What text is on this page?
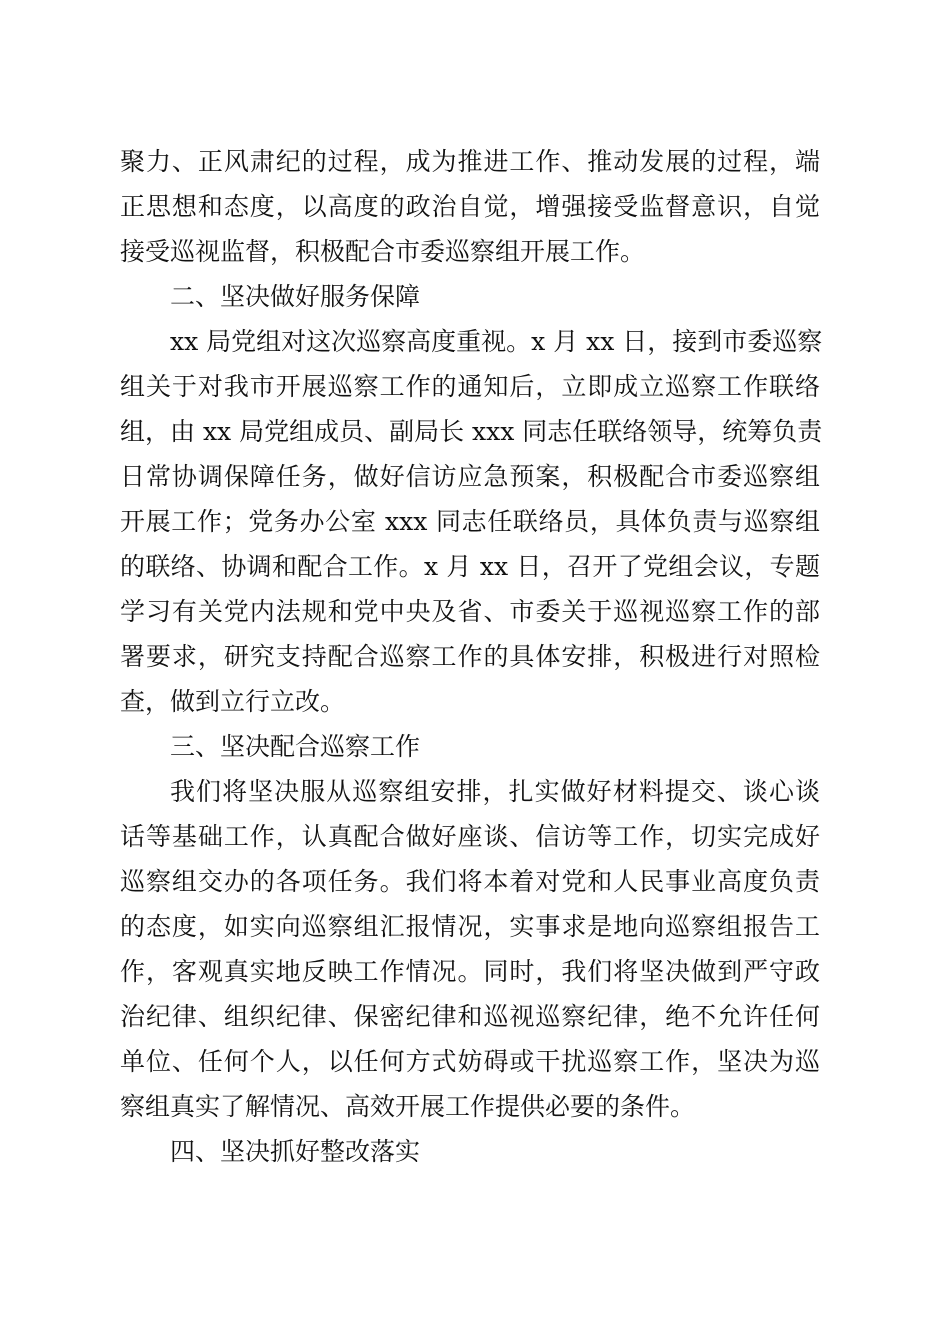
聚力、正风肃纪的过程，成为推进工作、推动发展的过程，端
正思想和态度，以高度的政治自觉，增强接受监督意识，自觉
接受巡视监督，积极配合市委巡察组开展工作。
二、坚决做好服务保障
xx 局党组对这次巡察高度重视。x 月 xx 日，接到市委巡察
组关于对我市开展巡察工作的通知后，立即成立巡察工作联络
组，由 xx 局党组成员、副局长 xxx 同志任联络领导，统筹负责
日常协调保障任务，做好信访应急预案，积极配合市委巡察组
开展工作；党务办公室 xxx 同志任联络员，具体负责与巡察组
的联络、协调和配合工作。x 月 xx 日，召开了党组会议，专题
学习有关党内法规和党中央及省、市委关于巡视巡察工作的部
署要求，研究支持配合巡察工作的具体安排，积极进行对照检
查，做到立行立改。
三、坚决配合巡察工作
我们将坚决服从巡察组安排，扎实做好材料提交、谈心谈
话等基础工作，认真配合做好座谈、信访等工作，切实完成好
巡察组交办的各项任务。我们将本着对党和人民事业高度负责
的态度，如实向巡察组汇报情况，实事求是地向巡察组报告工
作，客观真实地反映工作情况。同时，我们将坚决做到严守政
治纪律、组织纪律、保密纪律和巡视巡察纪律，绝不允许任何
单位、任何个人，以任何方式妨碍或干扰巡察工作，坚决为巡
察组真实了解情况、高效开展工作提供必要的条件。
四、坚决抓好整改落实
